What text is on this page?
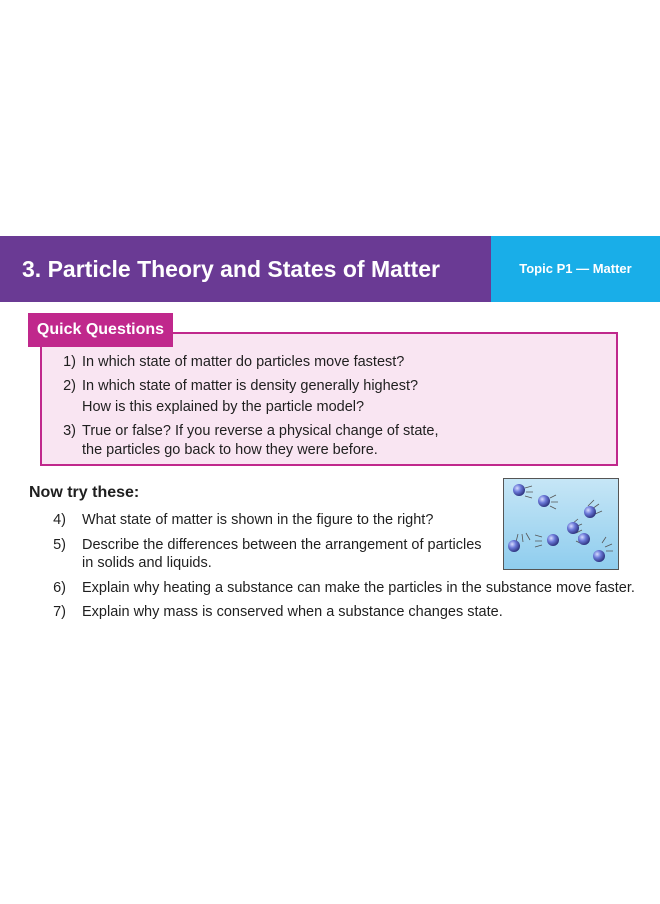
3. Particle Theory and States of Matter	Topic P1 — Matter
Quick Questions
1) In which state of matter do particles move fastest?
2) In which state of matter is density generally highest?
How is this explained by the particle model?
3) True or false? If you reverse a physical change of state,
the particles go back to how they were before.
Now try these:
4) What state of matter is shown in the figure to the right?
5) Describe the differences between the arrangement of particles
in solids and liquids.
6) Explain why heating a substance can make the particles in the substance move faster.
7) Explain why mass is conserved when a substance changes state.
